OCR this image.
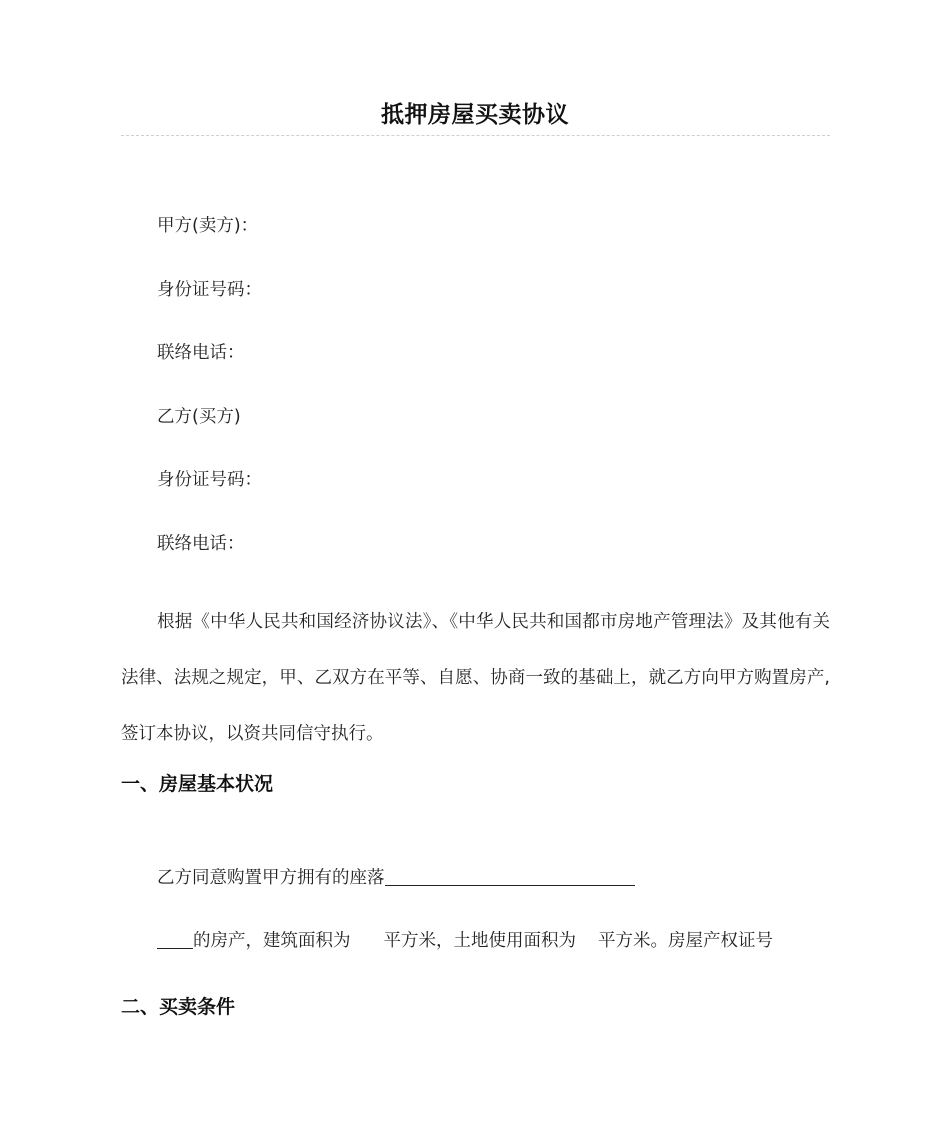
抵押房屋买卖协议
甲方(卖方)：
身份证号码：
联络电话：
乙方(买方)
身份证号码：
联络电话：
根据《中华人民共和国经济协议法》、《中华人民共和国都市房地产管理法》及其他有关法律、法规之规定，甲、乙双方在平等、自愿、协商一致的基础上，就乙方向甲方购置房产,签订本协议，以资共同信守执行。
一、房屋基本状况
乙方同意购置甲方拥有的座落
的房产，建筑面积为 平方米，土地使用面积为 平方米。房屋产权证号
二、买卖条件
